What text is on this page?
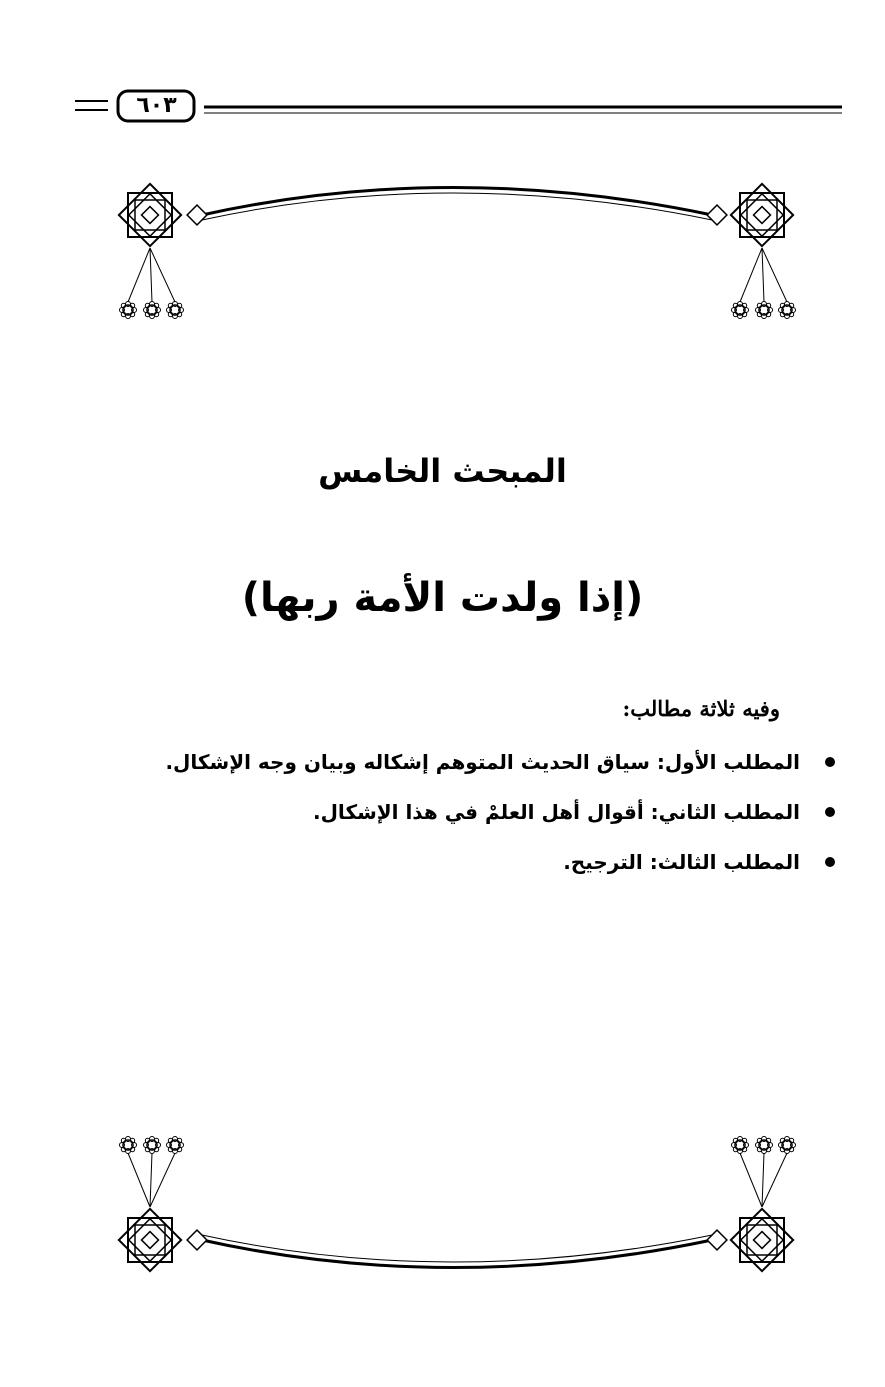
٦٠٣
المبحث الخامس
(إذا ولدت الأمة ربها)
وفيه ثلاثة مطالب:
المطلب الأول: سياق الحديث المتوهم إشكاله وبيان وجه الإشكال.
المطلب الثاني: أقوال أهل العلمْ في هذا الإشكال.
المطلب الثالث: الترجيح.
